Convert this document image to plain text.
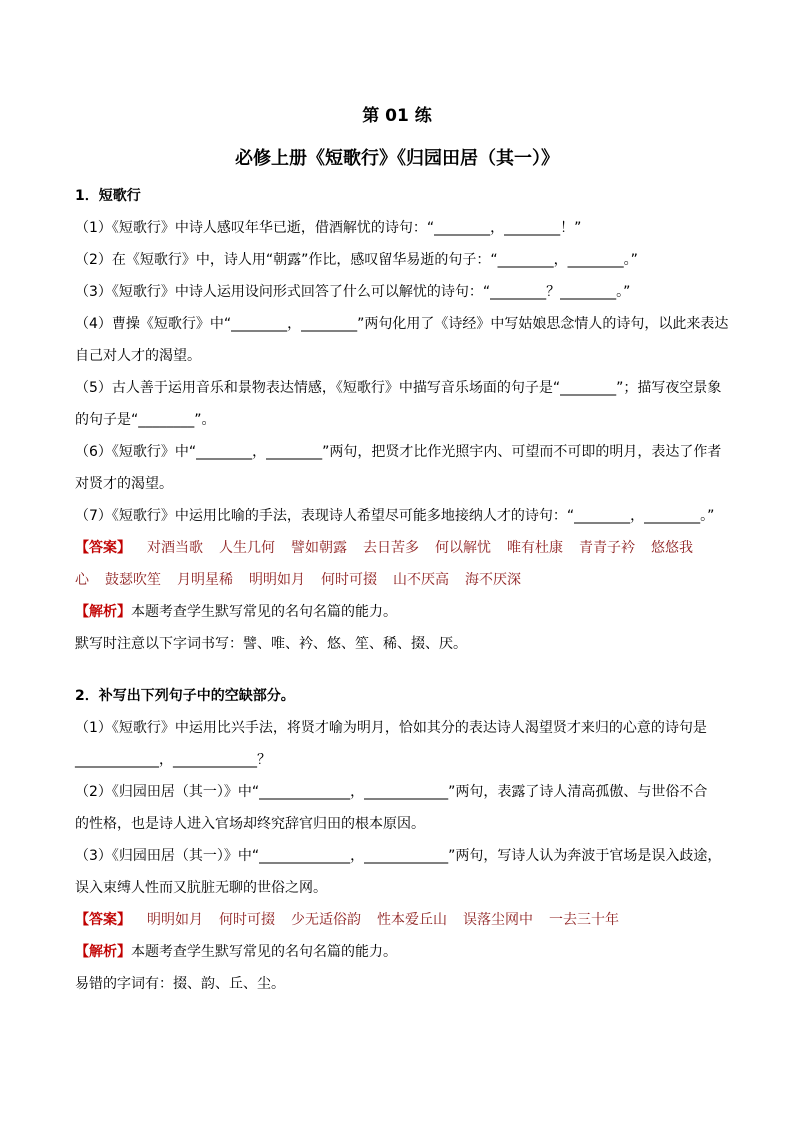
第 01 练
必修上册《短歌行》《归园田居（其一）》
1．短歌行
（1）《短歌行》中诗人感叹年华已逝，借酒解忧的诗句：“________，________！”
（2）在《短歌行》中，诗人用“朝露”作比，感叹留华易逝的句子：“________，________。”
（3）《短歌行》中诗人运用设问形式回答了什么可以解忧的诗句：“________？________。”
（4）曹操《短歌行》中“________，________”两句化用了《诗经》中写姑娘思念情人的诗句，以此来表达
自己对人才的渴望。
（5）古人善于运用音乐和景物表达情感，《短歌行》中描写音乐场面的句子是“________”；描写夜空景象
的句子是“________”。
（6）《短歌行》中“________，________”两句，把贤才比作光照宇内、可望而不可即的明月，表达了作者
对贤才的渴望。
（7）《短歌行》中运用比喻的手法，表现诗人希望尽可能多地接纳人才的诗句：“________，________。”
【答案】 对酒当歌 人生几何 譬如朝露 去日苦多 何以解忧 唯有杜康 青青子衿 悠悠我
心 鼓瑟吹笙 月明星稀 明明如月 何时可掇 山不厌高 海不厌深
【解析】本题考查学生默写常见的名句名篇的能力。
默写时注意以下字词书写：譬、唯、衿、悠、笙、稀、掇、厌。
2．补写出下列句子中的空缺部分。
（1）《短歌行》中运用比兴手法，将贤才喻为明月，恰如其分的表达诗人渴望贤才来归的心意的诗句是
____________，____________？
（2）《归园田居（其一）》中“_____________，____________”两句，表露了诗人清高孤傲、与世俗不合
的性格，也是诗人进入官场却终究辞官归田的根本原因。
（3）《归园田居（其一）》中“_____________，____________”两句，写诗人认为奔波于官场是误入歧途，
误入束缚人性而又肮脏无聊的世俗之网。
【答案】 明明如月 何时可掇 少无适俗韵 性本爱丘山 误落尘网中 一去三十年
【解析】本题考查学生默写常见的名句名篇的能力。
易错的字词有：掇、韵、丘、尘。
